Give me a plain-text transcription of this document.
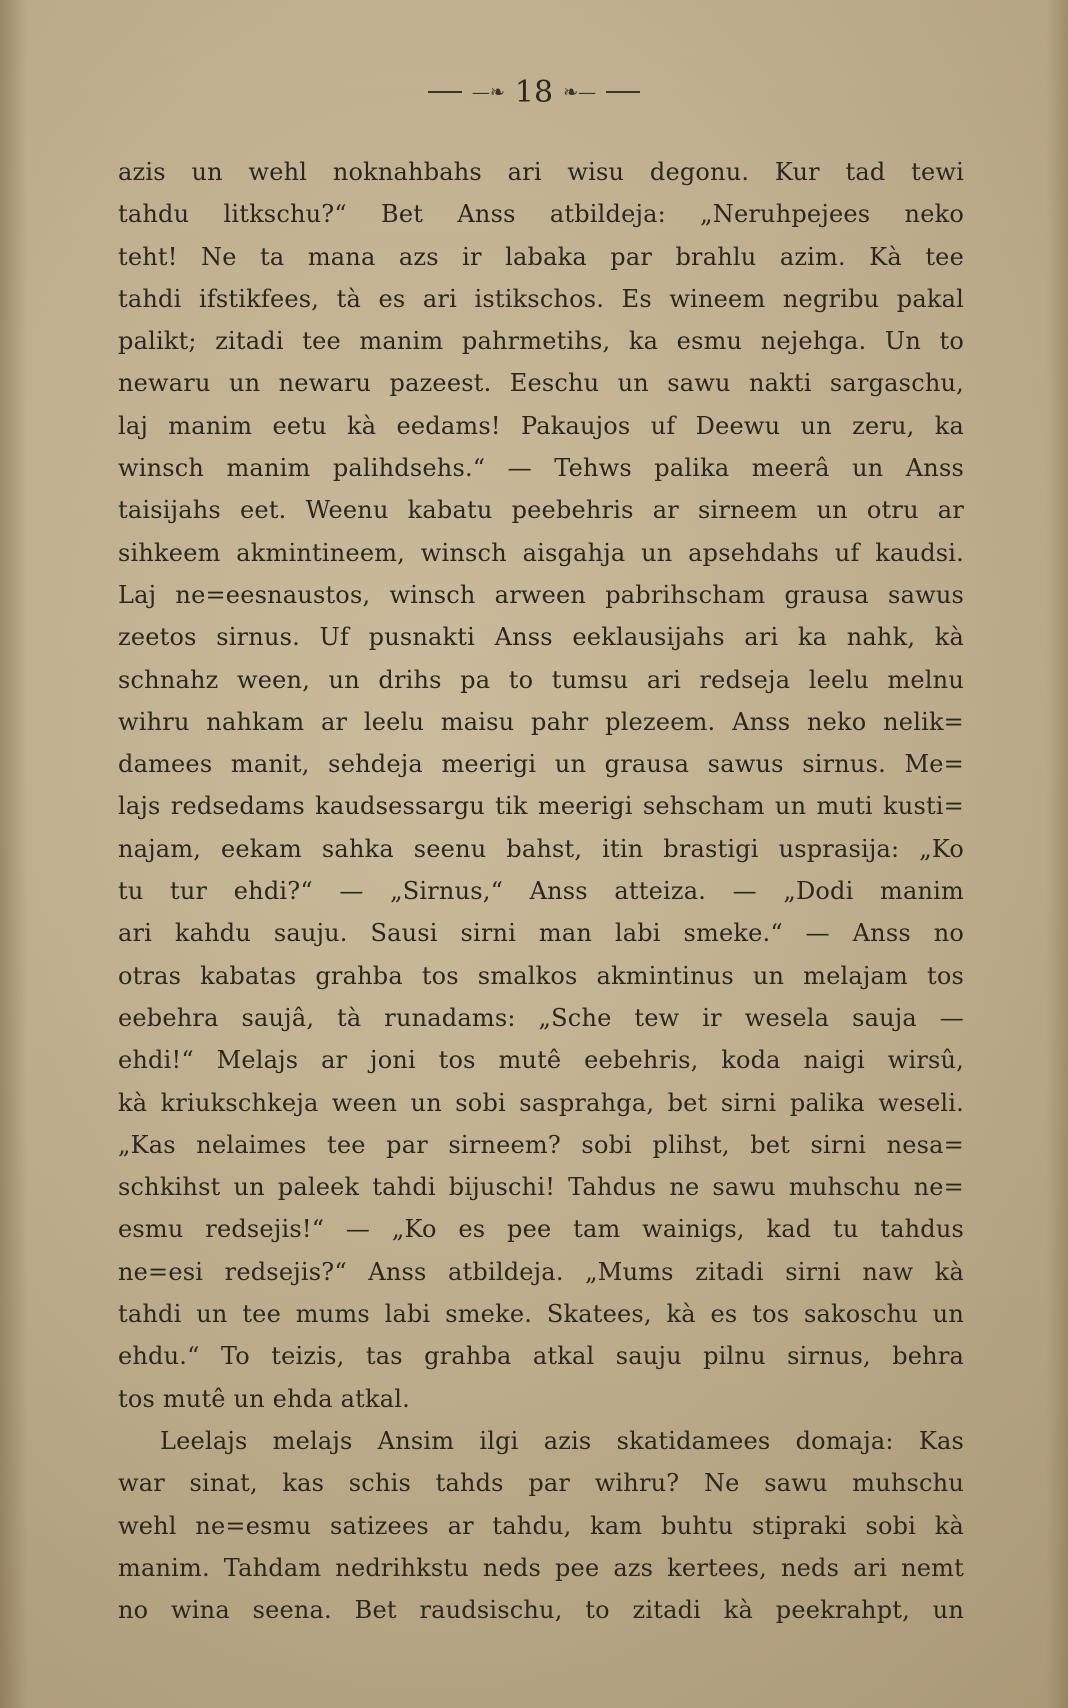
—❧ 18 ❧—
azis un wehl noknahbahs ari wisu degonu. Kur tad tewi
tahdu litkschu?“ Bet Anss atbildeja: „Neruhpejees neko
teht! Ne ta mana azs ir labaka par brahlu azim. Kà tee
tahdi ifstikfees, tà es ari istikschos. Es wineem negribu pakal
palikt; zitadi tee manim pahrmetihs, ka esmu nejehga. Un to
newaru un newaru pazeest. Eeschu un sawu nakti sargaschu,
laj manim eetu kà eedams! Pakaujos uf Deewu un zeru, ka
winsch manim palihdsehs.“ — Tehws palika meerâ un Anss
taisijahs eet. Weenu kabatu peebehris ar sirneem un otru ar
sihkeem akmintineem, winsch aisgahja un apsehdahs uf kaudsi.
Laj ne=eesnaustos, winsch arween pabrihscham grausa sawus
zeetos sirnus. Uf pusnakti Anss eeklausijahs ari ka nahk, kà
schnahz ween, un drihs pa to tumsu ari redseja leelu melnu
wihru nahkam ar leelu maisu pahr plezeem. Anss neko nelik=
damees manit, sehdeja meerigi un grausa sawus sirnus. Me=
lajs redsedams kaudsessargu tik meerigi sehscham un muti kusti=
najam, eekam sahka seenu bahst, itin brastigi usprasija: „Ko
tu tur ehdi?“ — „Sirnus,“ Anss atteiza. — „Dodi manim
ari kahdu sauju. Sausi sirni man labi smeke.“ — Anss no
otras kabatas grahba tos smalkos akmintinus un melajam tos
eebehra saujâ, tà runadams: „Sche tew ir wesela sauja —
ehdi!“ Melajs ar joni tos mutê eebehris, koda naigi wirsû,
kà kriukschkeja ween un sobi sasprahga, bet sirni palika weseli.
„Kas nelaimes tee par sirneem? sobi plihst, bet sirni nesa=
schkihst un paleek tahdi bijuschi! Tahdus ne sawu muhschu ne=
esmu redsejis!“ — „Ko es pee tam wainigs, kad tu tahdus
ne=esi redsejis?“ Anss atbildeja. „Mums zitadi sirni naw kà
tahdi un tee mums labi smeke. Skatees, kà es tos sakoschu un
ehdu.“ To teizis, tas grahba atkal sauju pilnu sirnus, behra
tos mutê un ehda atkal.
Leelajs melajs Ansim ilgi azis skatidamees domaja: Kas
war sinat, kas schis tahds par wihru? Ne sawu muhschu
wehl ne=esmu satizees ar tahdu, kam buhtu stipraki sobi kà
manim. Tahdam nedrihkstu neds pee azs kertees, neds ari nemt
no wina seena. Bet raudsischu, to zitadi kà peekrahpt, un
